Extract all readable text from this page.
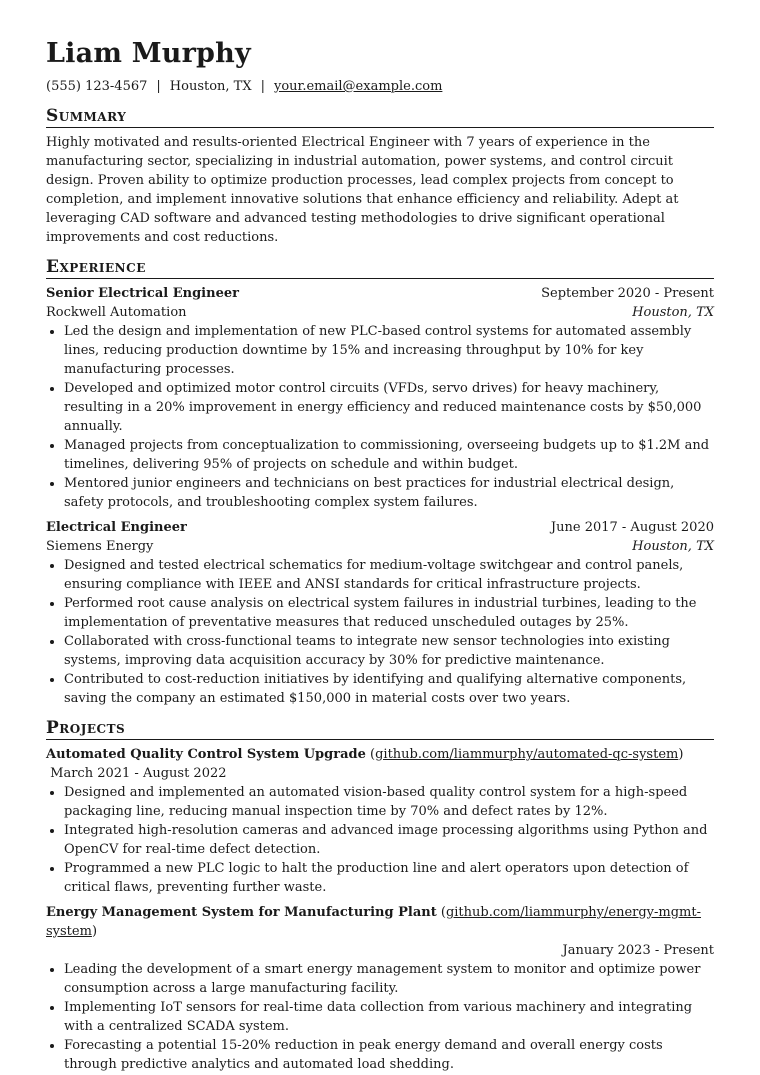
Liam Murphy
(555) 123-4567 | Houston, TX | your.email@example.com
Summary

Highly motivated and results-oriented Electrical Engineer with 7 years of experience in the manufacturing sector, specializing in industrial automation, power systems, and control circuit design. Proven ability to optimize production processes, lead complex projects from concept to completion, and implement innovative solutions that enhance efficiency and reliability. Adept at leveraging CAD software and advanced testing methodologies to drive significant operational improvements and cost reductions.

Experience
Senior Electrical Engineer	September 2020 - Present
Rockwell Automation	Houston, TX
Led the design and implementation of new PLC-based control systems for automated assembly lines, reducing production downtime by 15% and increasing throughput by 10% for key manufacturing processes.
Developed and optimized motor control circuits (VFDs, servo drives) for heavy machinery, resulting in a 20% improvement in energy efficiency and reduced maintenance costs by $50,000 annually.
Managed projects from conceptualization to commissioning, overseeing budgets up to $1.2M and timelines, delivering 95% of projects on schedule and within budget.
Mentored junior engineers and technicians on best practices for industrial electrical design, safety protocols, and troubleshooting complex system failures.
Electrical Engineer	June 2017 - August 2020
Siemens Energy	Houston, TX
Designed and tested electrical schematics for medium-voltage switchgear and control panels, ensuring compliance with IEEE and ANSI standards for critical infrastructure projects.
Performed root cause analysis on electrical system failures in industrial turbines, leading to the implementation of preventative measures that reduced unscheduled outages by 25%.
Collaborated with cross-functional teams to integrate new sensor technologies into existing systems, improving data acquisition accuracy by 30% for predictive maintenance.
Contributed to cost-reduction initiatives by identifying and qualifying alternative components, saving the company an estimated $150,000 in material costs over two years.
Projects
Automated Quality Control System Upgrade (github.com/liammurphy/automated-qc-system)  March 2021 - August 2022
Designed and implemented an automated vision-based quality control system for a high-speed packaging line, reducing manual inspection time by 70% and defect rates by 12%.
Integrated high-resolution cameras and advanced image processing algorithms using Python and OpenCV for real-time defect detection.
Programmed a new PLC logic to halt the production line and alert operators upon detection of critical flaws, preventing further waste.
Energy Management System for Manufacturing Plant (github.com/liammurphy/energy-mgmt-system)
January 2023 - Present
Leading the development of a smart energy management system to monitor and optimize power consumption across a large manufacturing facility.
Implementing IoT sensors for real-time data collection from various machinery and integrating with a centralized SCADA system.
Forecasting a potential 15-20% reduction in peak energy demand and overall energy costs through predictive analytics and automated load shedding.
